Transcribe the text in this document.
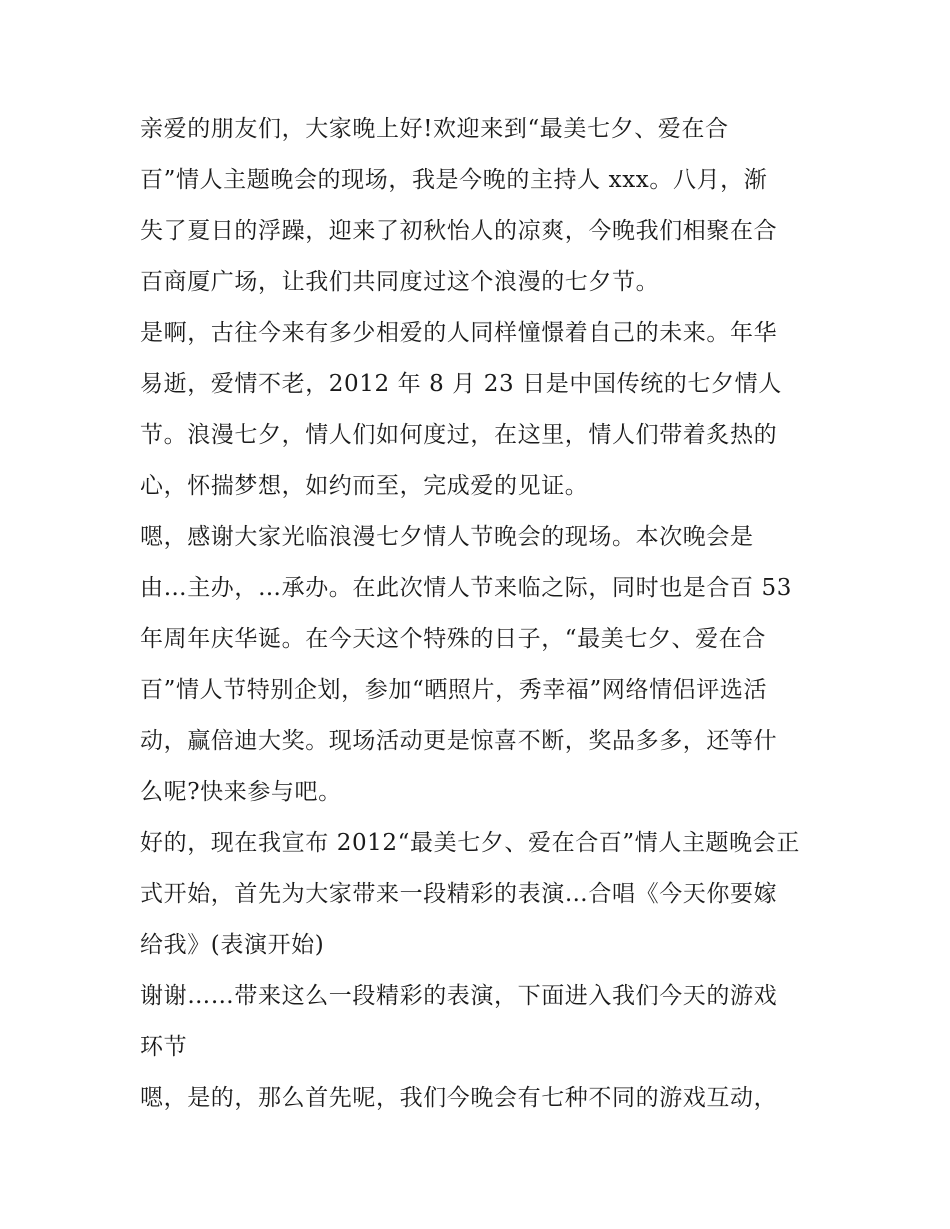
亲爱的朋友们，大家晚上好!欢迎来到“最美七夕、爱在合
百”情人主题晚会的现场，我是今晚的主持人 xxx。八月，渐
失了夏日的浮躁，迎来了初秋怡人的凉爽，今晚我们相聚在合
百商厦广场，让我们共同度过这个浪漫的七夕节。
是啊，古往今来有多少相爱的人同样憧憬着自己的未来。年华
易逝，爱情不老，2012 年 8 月 23 日是中国传统的七夕情人
节。浪漫七夕，情人们如何度过，在这里，情人们带着炙热的
心，怀揣梦想，如约而至，完成爱的见证。
嗯，感谢大家光临浪漫七夕情人节晚会的现场。本次晚会是
由…主办，…承办。在此次情人节来临之际，同时也是合百 53
年周年庆华诞。在今天这个特殊的日子，“最美七夕、爱在合
百”情人节特别企划，参加“晒照片，秀幸福”网络情侣评选活
动，赢倍迪大奖。现场活动更是惊喜不断，奖品多多，还等什
么呢?快来参与吧。
好的，现在我宣布 2012“最美七夕、爱在合百”情人主题晚会正
式开始，首先为大家带来一段精彩的表演…合唱《今天你要嫁
给我》(表演开始)
谢谢……带来这么一段精彩的表演，下面进入我们今天的游戏
环节
嗯，是的，那么首先呢，我们今晚会有七种不同的游戏互动，
